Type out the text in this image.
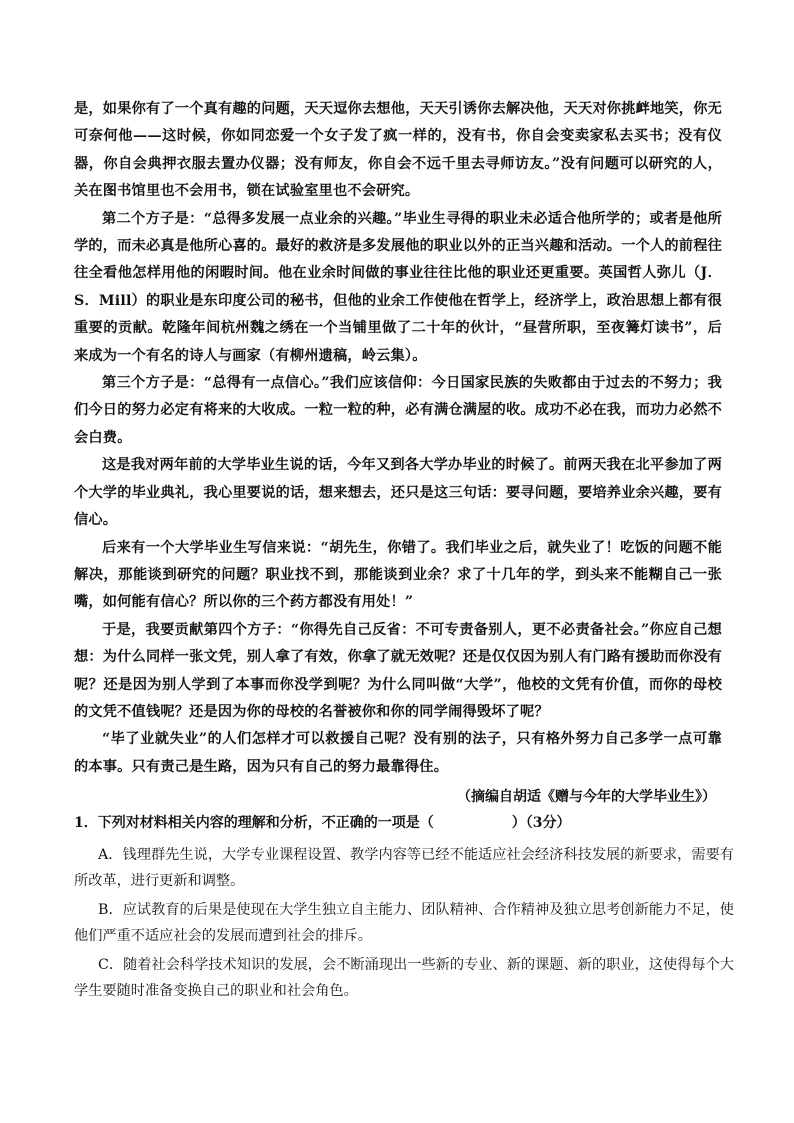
是，如果你有了一个真有趣的问题，天天逗你去想他，天天引诱你去解决他，天天对你挑衅地笑，你无可奈何他——这时候，你如同恋爱一个女子发了疯一样的，没有书，你自会变卖家私去买书；没有仪器，你自会典押衣服去置办仪器；没有师友，你自会不远千里去寻师访友。”没有问题可以研究的人，关在图书馆里也不会用书，锁在试验室里也不会研究。

第二个方子是：“总得多发展一点业余的兴趣。”毕业生寻得的职业未必适合他所学的；或者是他所学的，而未必真是他所心喜的。最好的救济是多发展他的职业以外的正当兴趣和活动。一个人的前程往往全看他怎样用他的闲暇时间。他在业余时间做的事业往往比他的职业还更重要。英国哲人弥儿（J．S．Mill）的职业是东印度公司的秘书，但他的业余工作使他在哲学上，经济学上，政治思想上都有很重要的贡献。乾隆年间杭州魏之绣在一个当铺里做了二十年的伙计，“昼营所职，至夜篝灯读书”，后来成为一个有名的诗人与画家（有柳州遗稿，岭云集）。

第三个方子是：“总得有一点信心。”我们应该信仰：今日国家民族的失败都由于过去的不努力；我们今日的努力必定有将来的大收成。一粒一粒的种，必有满仓满屋的收。成功不必在我，而功力必然不会白费。

这是我对两年前的大学毕业生说的话，今年又到各大学办毕业的时候了。前两天我在北平参加了两个大学的毕业典礼，我心里要说的话，想来想去，还只是这三句话：要寻问题，要培养业余兴趣，要有信心。

后来有一个大学毕业生写信来说：“胡先生，你错了。我们毕业之后，就失业了！吃饭的问题不能解决，那能谈到研究的问题？职业找不到，那能谈到业余？求了十几年的学，到头来不能糊自己一张嘴，如何能有信心？所以你的三个药方都没有用处！”

于是，我要贡献第四个方子：“你得先自己反省：不可专责备别人，更不必责备社会。”你应自己想想：为什么同样一张文凭，别人拿了有效，你拿了就无效呢？还是仅仅因为别人有门路有援助而你没有呢？还是因为别人学到了本事而你没学到呢？为什么同叫做“大学”，他校的文凭有价值，而你的母校的文凭不值钱呢？还是因为你的母校的名誉被你和你的同学闹得毁坏了呢？

“毕了业就失业”的人们怎样才可以救援自己呢？没有别的法子，只有格外努力自己多学一点可靠的本事。只有责己是生路，因为只有自己的努力最靠得住。

（摘编自胡适《赠与今年的大学毕业生》）
1．下列对材料相关内容的理解和分析，不正确的一项是（	）（3分）

A．钱理群先生说，大学专业课程设置、教学内容等已经不能适应社会经济科技发展的新要求，需要有所改革，进行更新和调整。

B．应试教育的后果是使现在大学生独立自主能力、团队精神、合作精神及独立思考创新能力不足，使他们严重不适应社会的发展而遭到社会的排斥。

C．随着社会科学技术知识的发展，会不断涌现出一些新的专业、新的课题、新的职业，这使得每个大学生要随时准备变换自己的职业和社会角色。
